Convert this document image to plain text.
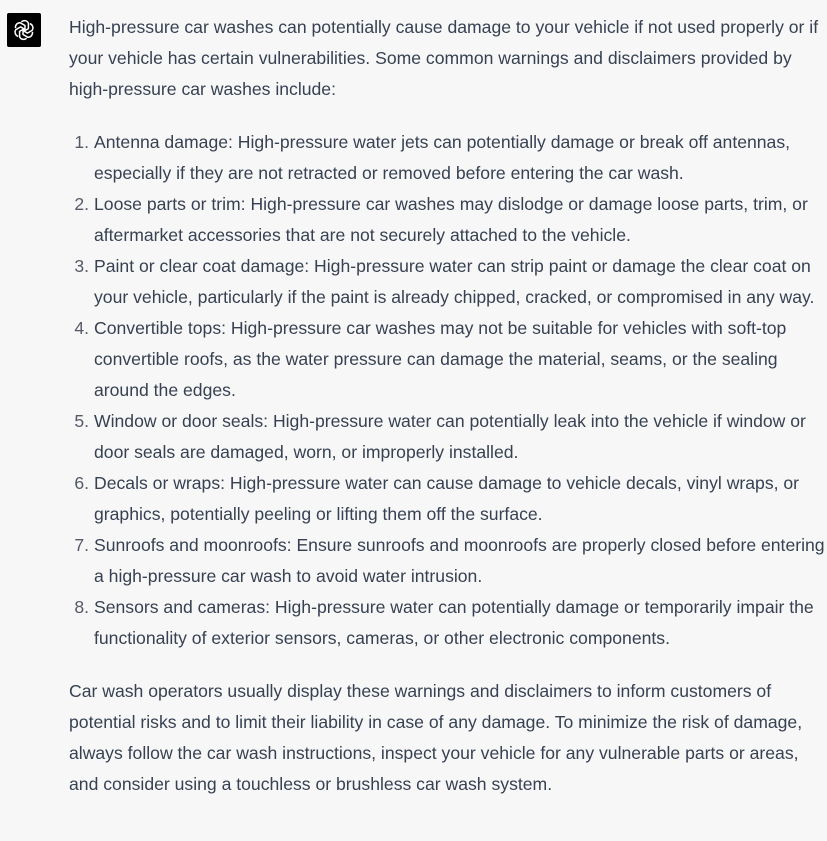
High-pressure car washes can potentially cause damage to your vehicle if not used properly or if your vehicle has certain vulnerabilities. Some common warnings and disclaimers provided by high-pressure car washes include:

1. Antenna damage: High-pressure water jets can potentially damage or break off antennas, especially if they are not retracted or removed before entering the car wash.
2. Loose parts or trim: High-pressure car washes may dislodge or damage loose parts, trim, or aftermarket accessories that are not securely attached to the vehicle.
3. Paint or clear coat damage: High-pressure water can strip paint or damage the clear coat on your vehicle, particularly if the paint is already chipped, cracked, or compromised in any way.
4. Convertible tops: High-pressure car washes may not be suitable for vehicles with soft-top convertible roofs, as the water pressure can damage the material, seams, or the sealing around the edges.
5. Window or door seals: High-pressure water can potentially leak into the vehicle if window or door seals are damaged, worn, or improperly installed.
6. Decals or wraps: High-pressure water can cause damage to vehicle decals, vinyl wraps, or graphics, potentially peeling or lifting them off the surface.
7. Sunroofs and moonroofs: Ensure sunroofs and moonroofs are properly closed before entering a high-pressure car wash to avoid water intrusion.
8. Sensors and cameras: High-pressure water can potentially damage or temporarily impair the functionality of exterior sensors, cameras, or other electronic components.

Car wash operators usually display these warnings and disclaimers to inform customers of potential risks and to limit their liability in case of any damage. To minimize the risk of damage, always follow the car wash instructions, inspect your vehicle for any vulnerable parts or areas, and consider using a touchless or brushless car wash system.
